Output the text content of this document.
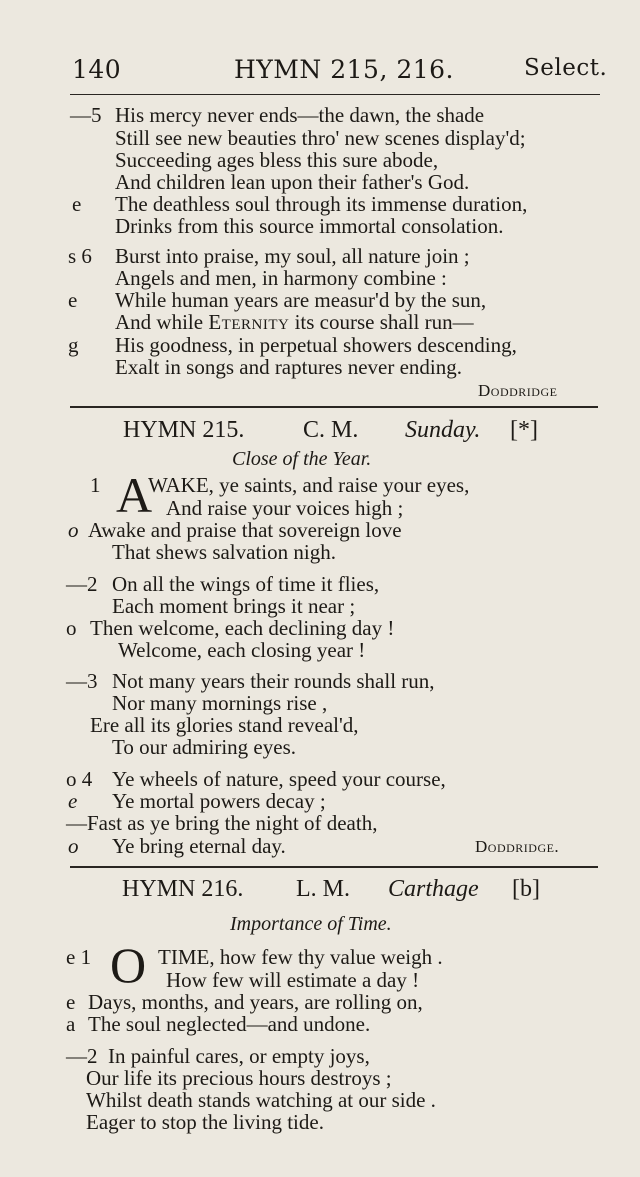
140	HYMN 215, 216.	Select.
—5 His mercy never ends—the dawn, the shade
Still see new beauties thro' new scenes display'd;
Succeeding ages bless this sure abode,
And children lean upon their father's God.
e The deathless soul through its immense duration,
Drinks from this source immortal consolation.
s 6 Burst into praise, my soul, all nature join ;
Angels and men, in harmony combine :
e While human years are measur'd by the sun,
And while Eternity its course shall run—
g His goodness, in perpetual showers descending,
Exalt in songs and raptures never ending.
Doddridge
HYMN 215. C. M. Sunday. [*]
Close of the Year.
1 A
WAKE, ye saints, and raise your eyes,
And raise your voices high ;
o Awake and praise that sovereign love
That shews salvation nigh.
—2 On all the wings of time it flies,
Each moment brings it near ;
o Then welcome, each declining day !
Welcome, each closing year !
—3 Not many years their rounds shall run,
Nor many mornings rise ,
Ere all its glories stand reveal'd,
To our admiring eyes.
o 4 Ye wheels of nature, speed your course,
e Ye mortal powers decay ;
—Fast as ye bring the night of death,
o Ye bring eternal day.	Doddridge.
HYMN 216. L. M. Carthage [b]
Importance of Time.
e 1 O TIME, how few thy value weigh .
How few will estimate a day !
e Days, months, and years, are rolling on,
a The soul neglected—and undone.
—2 In painful cares, or empty joys,
Our life its precious hours destroys ;
Whilst death stands watching at our side .
Eager to stop the living tide.
